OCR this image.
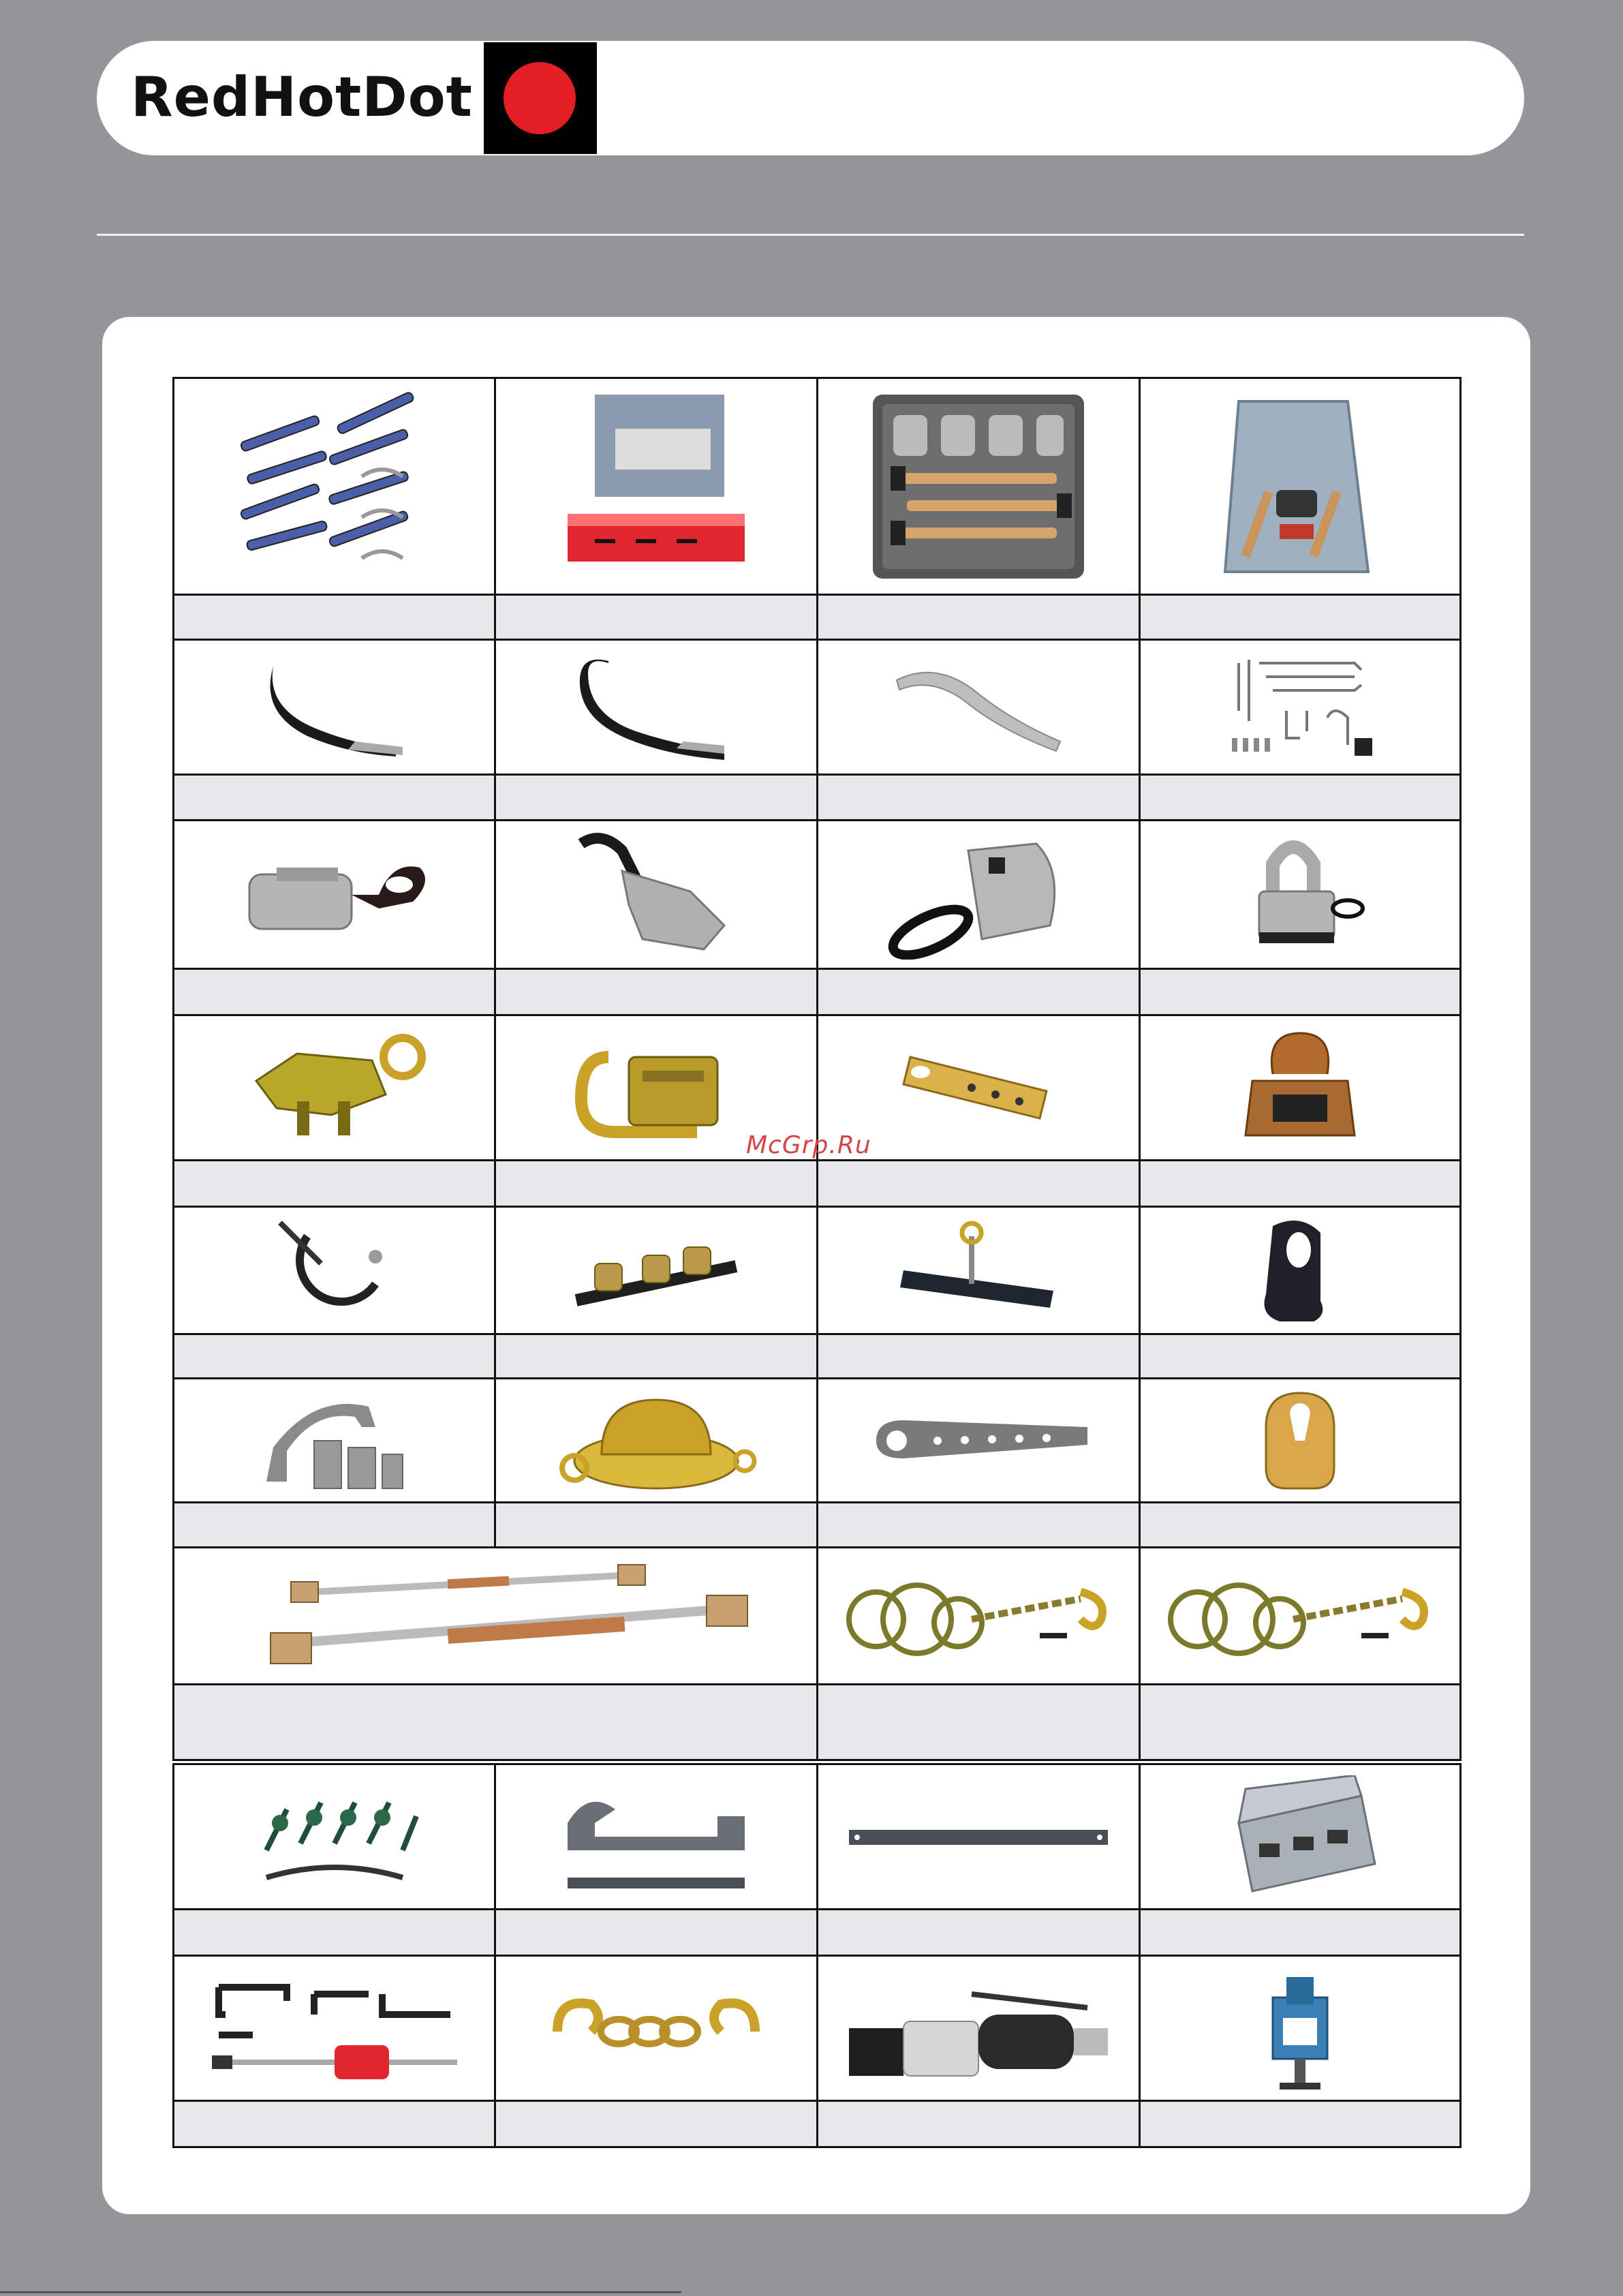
RedHotDot
McGrp.Ru
